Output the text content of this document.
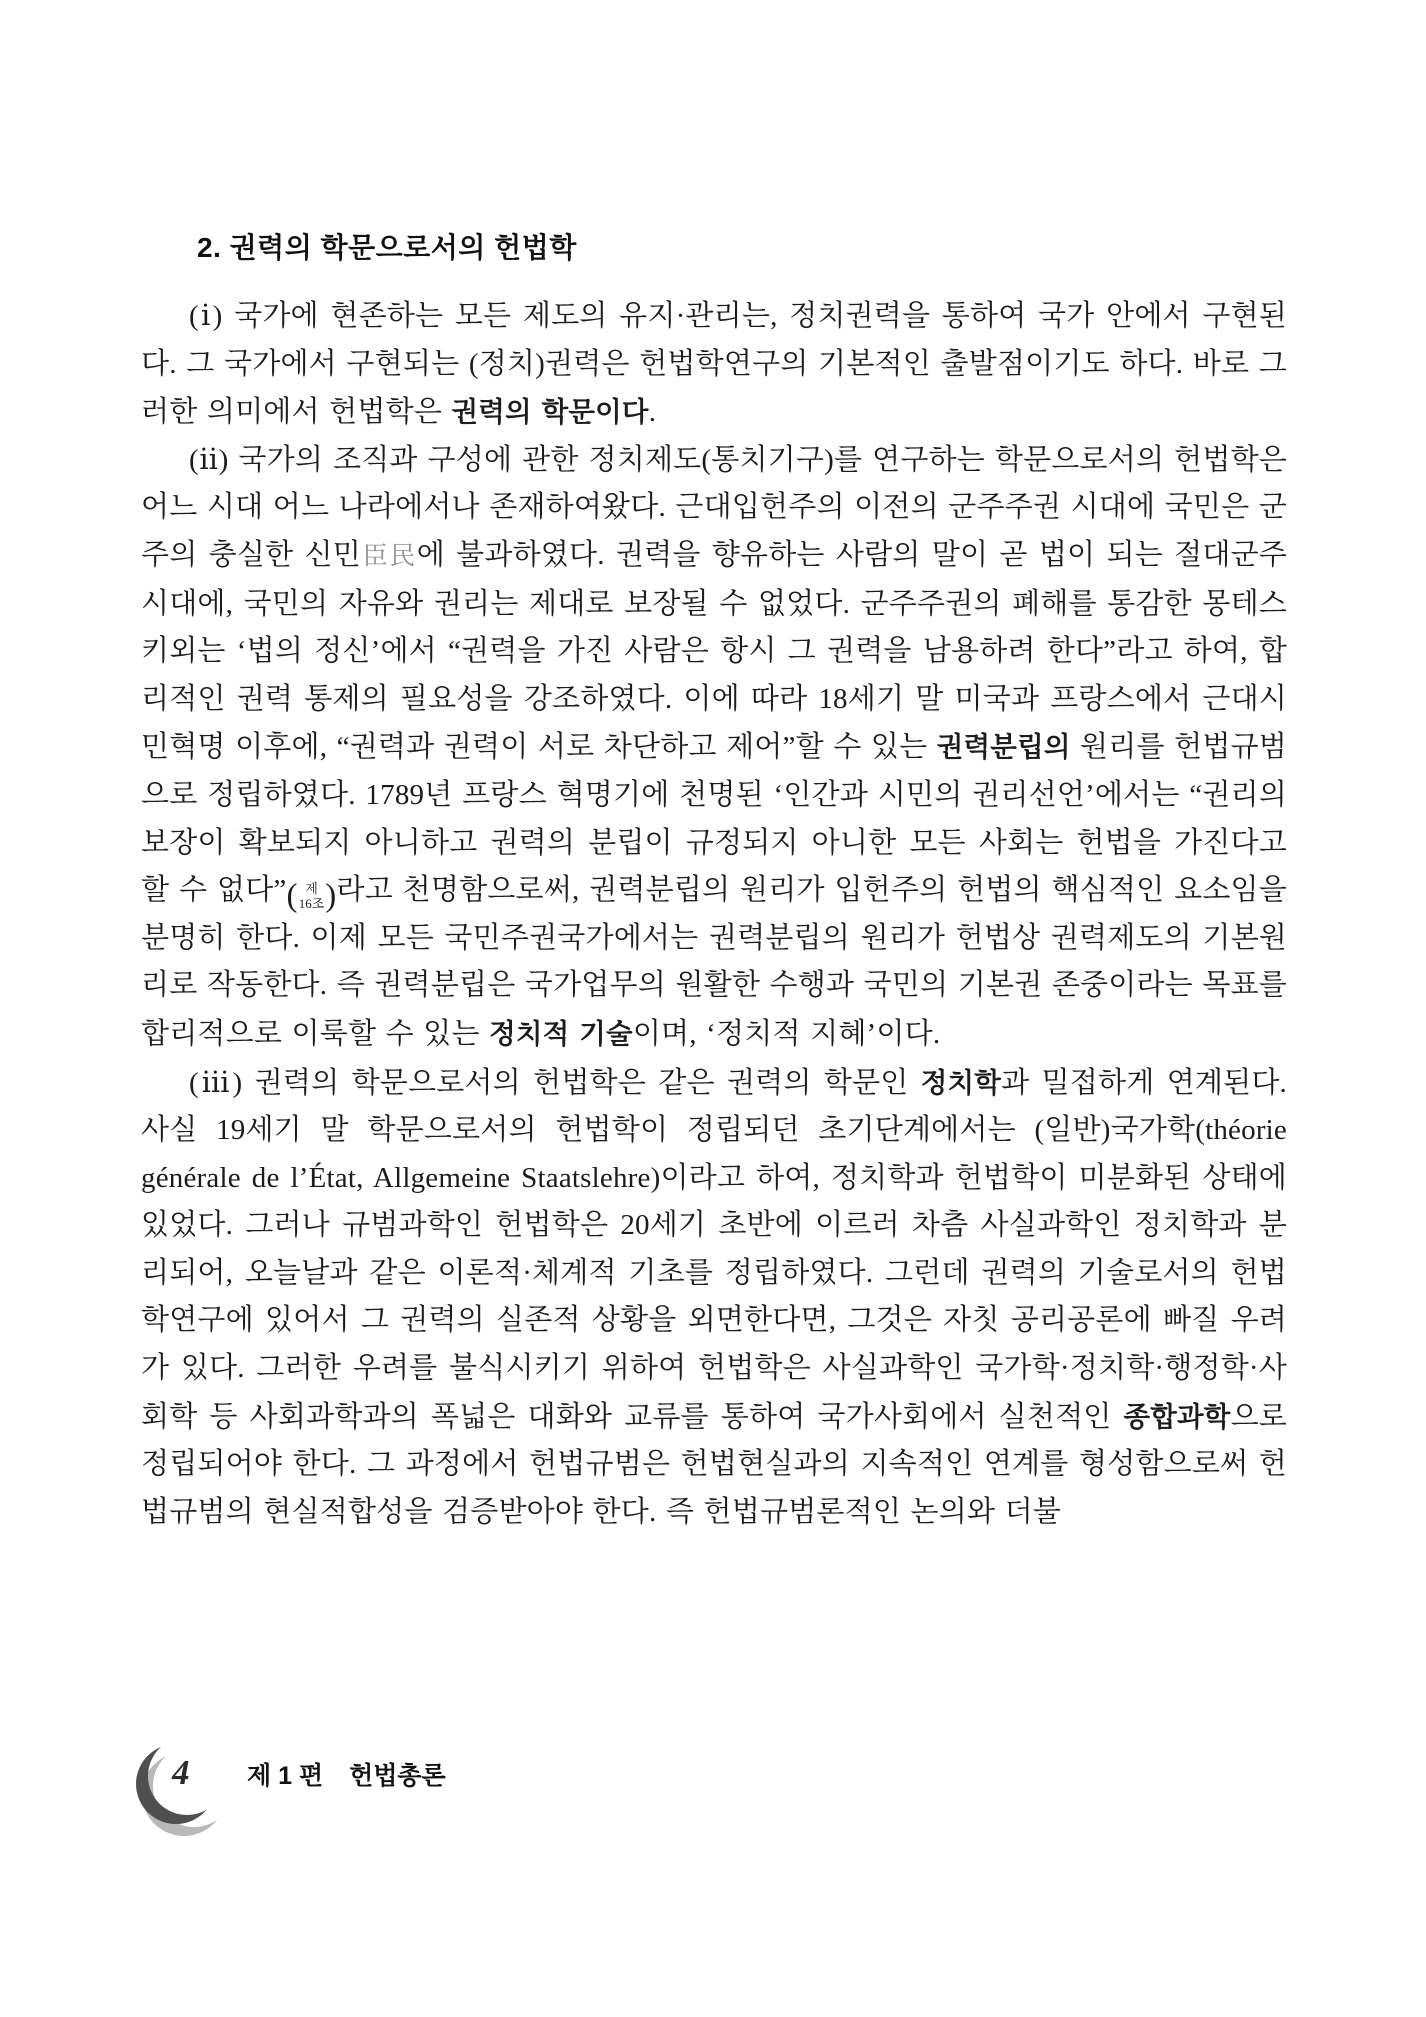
2. 권력의 학문으로서의 헌법학

(ⅰ) 국가에 현존하는 모든 제도의 유지·관리는, 정치권력을 통하여 국가 안에서 구현된다. 그 국가에서 구현되는 (정치)권력은 헌법학연구의 기본적인 출발점이기도 하다. 바로 그러한 의미에서 헌법학은 권력의 학문이다.

(ⅱ) 국가의 조직과 구성에 관한 정치제도(통치기구)를 연구하는 학문으로서의 헌법학은 어느 시대 어느 나라에서나 존재하여왔다. 근대입헌주의 이전의 군주주권 시대에 국민은 군주의 충실한 신민臣民에 불과하였다. 권력을 향유하는 사람의 말이 곧 법이 되는 절대군주시대에, 국민의 자유와 권리는 제대로 보장될 수 없었다. 군주주권의 폐해를 통감한 몽테스키외는 ‘법의 정신’에서 “권력을 가진 사람은 항시 그 권력을 남용하려 한다”라고 하여, 합리적인 권력 통제의 필요성을 강조하였다. 이에 따라 18세기 말 미국과 프랑스에서 근대시민혁명 이후에, “권력과 권력이 서로 차단하고 제어”할 수 있는 권력분립의 원리를 헌법규범으로 정립하였다. 1789년 프랑스 혁명기에 천명된 ‘인간과 시민의 권리선언’에서는 “권리의 보장이 확보되지 아니하고 권력의 분립이 규정되지 아니한 모든 사회는 헌법을 가진다고 할 수 없다” ( 제
16조 ) 라고 천명함으로써, 권력분립의 원리가 입헌주의 헌법의 핵심적인 요소임을 분명히 한다. 이제 모든 국민주권국가에서는 권력분립의 원리가 헌법상 권력제도의 기본원리로 작동한다. 즉 권력분립은 국가업무의 원활한 수행과 국민의 기본권 존중이라는 목표를 합리적으로 이룩할 수 있는 정치적 기술이며, ‘정치적 지혜’이다.

(ⅲ) 권력의 학문으로서의 헌법학은 같은 권력의 학문인 정치학과 밀접하게 연계된다. 사실 19세기 말 학문으로서의 헌법학이 정립되던 초기단계에서는 (일반)국가학(théorie générale de l’État, Allgemeine Staatslehre)이라고 하여, 정치학과 헌법학이 미분화된 상태에 있었다. 그러나 규범과학인 헌법학은 20세기 초반에 이르러 차츰 사실과학인 정치학과 분리되어, 오늘날과 같은 이론적·체계적 기초를 정립하였다. 그런데 권력의 기술로서의 헌법학연구에 있어서 그 권력의 실존적 상황을 외면한다면, 그것은 자칫 공리공론에 빠질 우려가 있다. 그러한 우려를 불식시키기 위하여 헌법학은 사실과학인 국가학·정치학·행정학·사회학 등 사회과학과의 폭넓은 대화와 교류를 통하여 국가사회에서 실천적인 종합과학으로 정립되어야 한다. 그 과정에서 헌법규범은 헌법현실과의 지속적인 연계를 형성함으로써 헌법규범의 현실적합성을 검증받아야 한다. 즉 헌법규범론적인 논의와 더불

4 제 1 편 헌법총론
